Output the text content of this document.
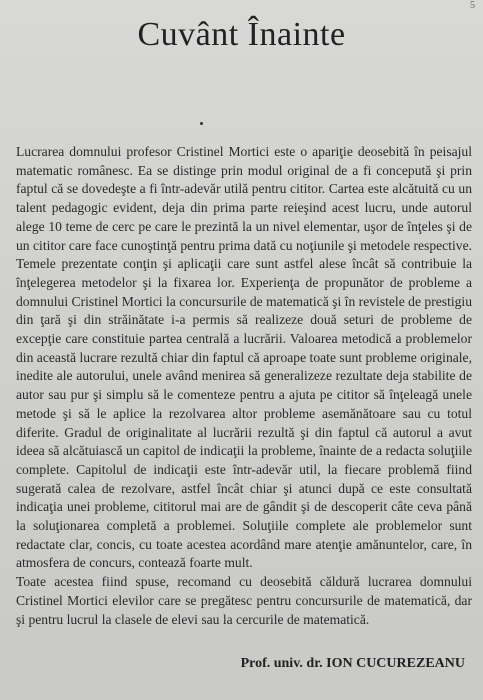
5
Cuvânt Înainte

Lucrarea domnului profesor Cristinel Mortici este o apariţie deosebită în peisajul matematic românesc. Ea se distinge prin modul original de a fi concepută şi prin faptul că se dovedeşte a fi într-adevăr utilă pentru cititor. Cartea este alcătuită cu un talent pedagogic evident, deja din prima parte reieşind acest lucru, unde autorul alege 10 teme de cerc pe care le prezintă la un nivel elementar, uşor de înţeles şi de un cititor care face cunoştinţă pentru prima dată cu noţiunile şi metodele respective. Temele prezentate conţin şi aplicaţii care sunt astfel alese încât să contribuie la înţelegerea metodelor şi la fixarea lor. Experienţa de propunător de probleme a domnului Cristinel Mortici la concursurile de matematică şi în revistele de prestigiu din ţară şi din străinătate i-a permis să realizeze două seturi de probleme de excepţie care constituie partea centrală a lucrării. Valoarea metodică a problemelor din această lucrare rezultă chiar din faptul că aproape toate sunt probleme originale, inedite ale autorului, unele având menirea să generalizeze rezultate deja stabilite de autor sau pur şi simplu să le comenteze pentru a ajuta pe cititor să înţeleagă unele metode şi să le aplice la rezolvarea altor probleme asemănătoare sau cu totul diferite. Gradul de originalitate al lucrării rezultă şi din faptul că autorul a avut ideea să alcătuiască un capitol de indicaţii la probleme, înainte de a redacta soluţiile complete. Capitolul de indicaţii este într-adevăr util, la fiecare problemă fiind sugerată calea de rezolvare, astfel încât chiar şi atunci după ce este consultată indicaţia unei probleme, cititorul mai are de gândit şi de descoperit câte ceva până la soluţionarea completă a problemei. Soluţiile complete ale problemelor sunt redactate clar, concis, cu toate acestea acordând mare atenţie amănuntelor, care, în atmosfera de concurs, contează foarte mult.

Toate acestea fiind spuse, recomand cu deosebită căldură lucrarea domnului Cristinel Mortici elevilor care se pregătesc pentru concursurile de matematică, dar şi pentru lucrul la clasele de elevi sau la cercurile de matematică.

Prof. univ. dr. ION CUCUREZEANU
